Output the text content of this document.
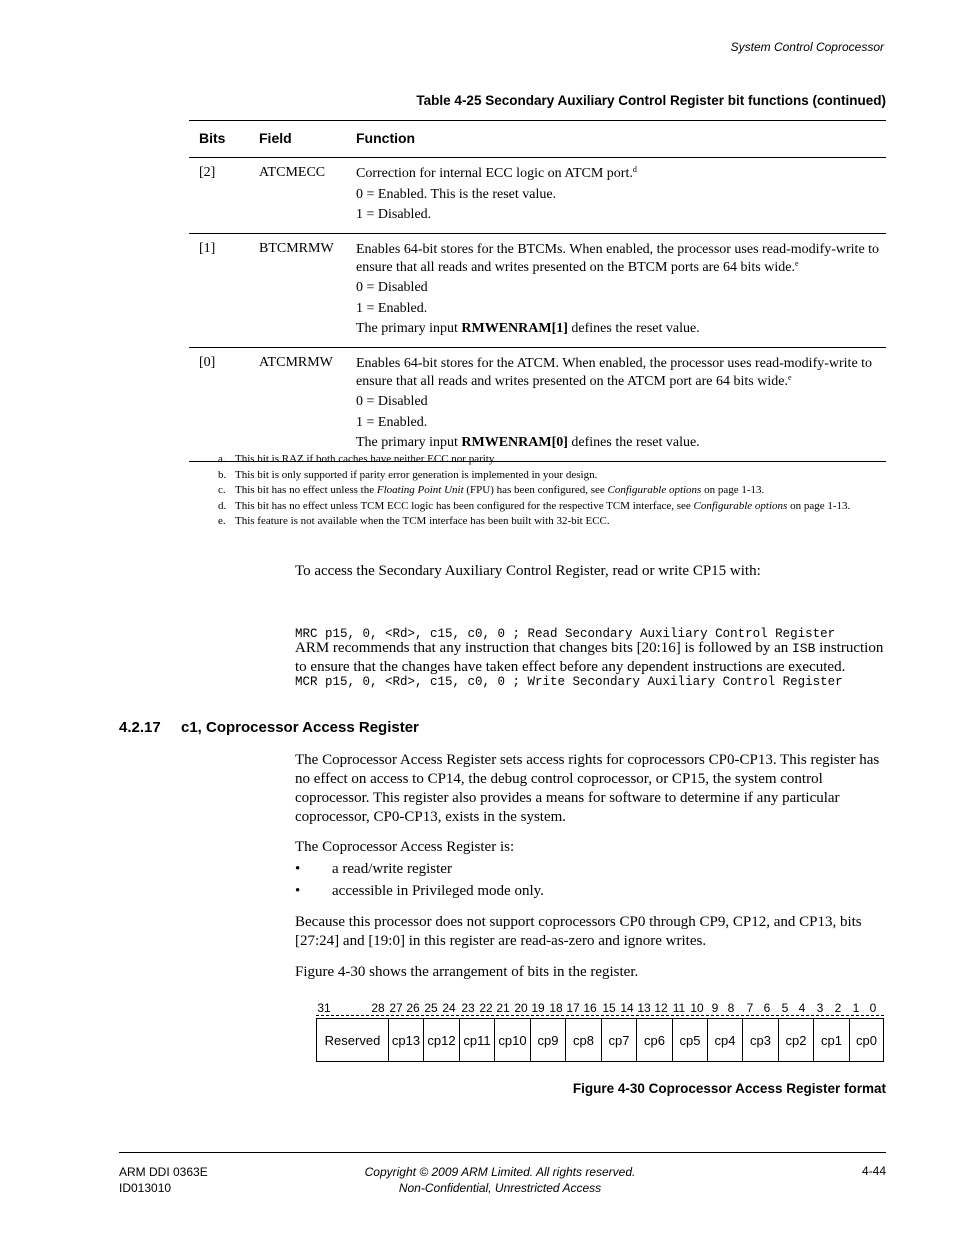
System Control Coprocessor
Table 4-25 Secondary Auxiliary Control Register bit functions (continued)
Bits Field	Function
[2]	ATCMECC Correction for internal ECC logic on ATCM port.$^d$

0 = Enabled. This is the reset value.

1 = Disabled.

[1]	BTCMRMW Enables 64-bit stores for the BTCMs. When enabled, the processor uses read-modify-write to ensure that all reads and writes presented on the BTCM ports are 64 bits wide.$^e$

0 = Disabled

1 = Enabled.

The primary input RMWENRAM[1] defines the reset value.

[0]	ATCMRMW Enables 64-bit stores for the ATCM. When enabled, the processor uses read-modify-write to ensure that all reads and writes presented on the ATCM port are 64 bits wide.$^e$

0 = Disabled

1 = Enabled.

The primary input RMWENRAM[0] defines the reset value.

a. This bit is RAZ if both caches have neither ECC nor parity.
b. This bit is only supported if parity error generation is implemented in your design.
c. This bit has no effect unless the Floating Point Unit (FPU) has been configured, see Configurable options on page 1-13.
d. This bit has no effect unless TCM ECC logic has been configured for the respective TCM interface, see Configurable options on page 1-13.
e. This feature is not available when the TCM interface has been built with 32-bit ECC.
To access the Secondary Auxiliary Control Register, read or write CP15 with:

MRC p15, 0, <Rd>, c15, c0, 0 ; Read Secondary Auxiliary Control Register

MCR p15, 0, <Rd>, c15, c0, 0 ; Write Secondary Auxiliary Control Register

ARM recommends that any instruction that changes bits [20:16] is followed by an ISB instruction to ensure that the changes have taken effect before any dependent instructions are executed.
4.2.17 c1, Coprocessor Access Register
The Coprocessor Access Register sets access rights for coprocessors CP0-CP13. This register has no effect on access to CP14, the debug control coprocessor, or CP15, the system control coprocessor. This register also provides a means for software to determine if any particular coprocessor, CP0-CP13, exists in the system.
The Coprocessor Access Register is:
• a read/write register
• accessible in Privileged mode only.
Because this processor does not support coprocessors CP0 through CP9, CP12, and CP13, bits [27:24] and [19:0] in this register are read-as-zero and ignore writes.
Figure 4-30 shows the arrangement of bits in the register.
31	28 27 26 25 24 23 22 21 20 19 18 17 16 15 14 13 12 11 10 9 8	7 6 5 4 3 2 1 0
Reserved cp13 cp12 cp11 cp10 cp9	cp8	cp7	cp6	cp5	cp4	cp3	cp2	cp1	cp0
Figure 4-30 Coprocessor Access Register format
ARM DDI 0363E
ID013010
Copyright © 2009 ARM Limited. All rights reserved.
Non-Confidential, Unrestricted Access
4-44
